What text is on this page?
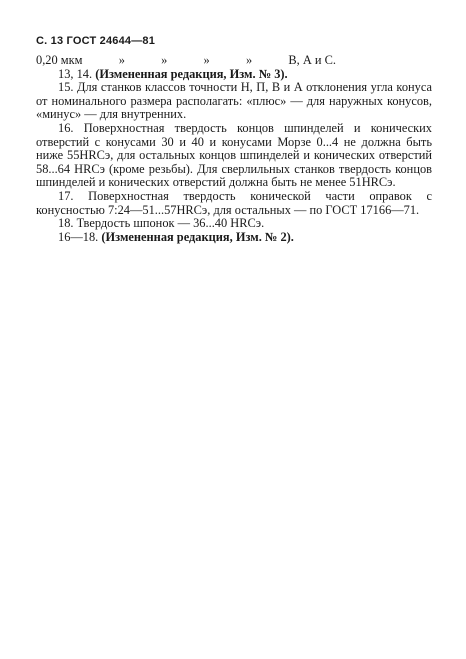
С. 13 ГОСТ 24644—81
0,20 мкм	»	»	»	»	В, А и С.

13, 14. (Измененная редакция, Изм. № 3).

15. Для станков классов точности Н, П, В и А отклонения угла конуса от номинального размера располагать: «плюс» — для наружных конусов, «минус» — для внутренних.

16. Поверхностная твердость концов шпинделей и конических отверстий с конусами 30 и 40 и конусами Морзе 0...4 не должна быть ниже 55HRCэ, для остальных концов шпинделей и конических отверстий 58...64 HRCэ (кроме резьбы). Для сверлильных станков твердость концов шпинделей и конических отверстий должна быть не менее 51HRCэ.

17. Поверхностная твердость конической части оправок с конусностью 7:24—51...57HRCэ, для остальных — по ГОСТ 17166—71.

18. Твердость шпонок — 36...40 HRCэ.

16—18. (Измененная редакция, Изм. № 2).
